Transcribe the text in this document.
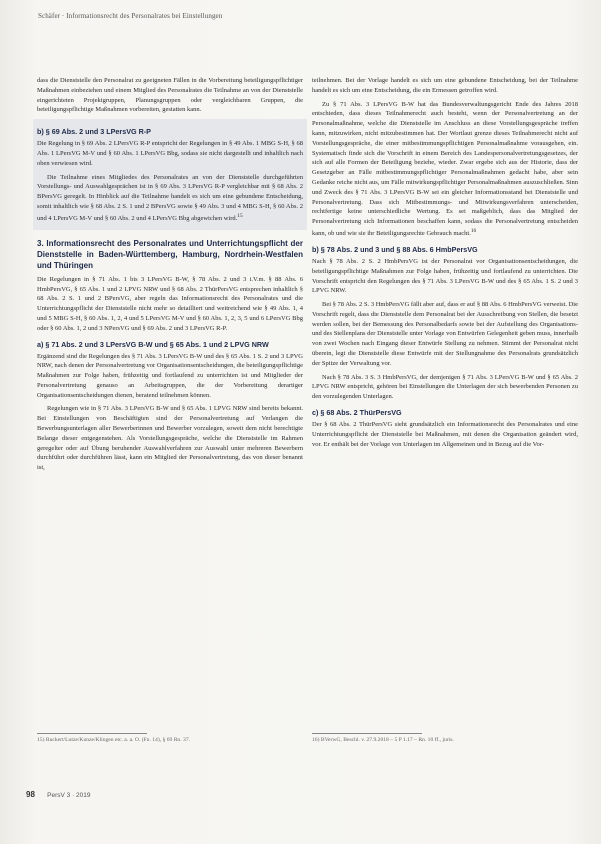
Schäfer · Informationsrecht des Personalrates bei Einstellungen

dass die Dienststelle den Personalrat zu geeigneten Fällen in die Vorbereitung beteiligungspflichtiger Maßnahmen einbeziehen und einem Mitglied des Personalrates die Teilnahme an von der Dienststelle eingerichteten Projektgruppen, Planungsgruppen oder vergleichbaren Gruppen, die beteiligungspflichtige Maßnahmen vorbereiten, gestatten kann.

b) § 69 Abs. 2 und 3 LPersVG R-P

Die Regelung in § 69 Abs. 2 LPersVG R-P entspricht der Regelungen in § 49 Abs. 1 MBG S-H, § 68 Abs. 1 LPersVG M-V und § 60 Abs. 1 LPersVG Bbg, sodass sie nicht dargestellt und inhaltlich nach oben verwiesen wird.

Die Teilnahme eines Mitgliedes des Personalrates an von der Dienststelle durchgeführten Vorstellungs- und Auswahlgesprächen ist in § 69 Abs. 3 LPersVG R-P vergleichbar mit § 68 Abs. 2 BPersVG geregelt. In Hinblick auf die Teilnahme handelt es sich um eine gebundene Entscheidung, somit inhaltlich wie § 68 Abs. 2 S. 1 und 2 BPersVG sowie § 49 Abs. 3 und 4 MBG S-H, § 60 Abs. 2 und 4 LPersVG M-V und § 60 Abs. 2 und 4 LPersVG Bbg abgewichen wird.$^{15}$

3. Informationsrecht des Personalrates und Unterrichtungspflicht der Dienststelle in Baden-Württemberg, Hamburg, Nordrhein-Westfalen und Thüringen

Die Regelungen in § 71 Abs. 1 bis 3 LPersVG B-W, § 78 Abs. 2 und 3 i.V.m. § 88 Abs. 6 HmbPersVG, § 65 Abs. 1 und 2 LPVG NRW und § 68 Abs. 2 ThürPersVG entsprechen inhaltlich § 68 Abs. 2 S. 1 und 2 BPersVG, aber regeln das Informationsrecht des Personalrates und die Unterrichtungspflicht der Dienststelle nicht mehr so detailliert und weitreichend wie § 49 Abs. 1, 4 und 5 MBG S-H, § 60 Abs. 1, 2, 4 und 5 LPersVG M-V und § 60 Abs. 1, 2, 3, 5 und 6 LPersVG Bbg oder § 60 Abs. 1, 2 und 3 NPersVG und § 69 Abs. 2 und 3 LPersVG R-P.

a) § 71 Abs. 2 und 3 LPersVG B-W und § 65 Abs. 1 und 2 LPVG NRW

Ergänzend sind die Regelungen des § 71 Abs. 3 LPersVG B-W und des § 65 Abs. 1 S. 2 und 3 LPVG NRW, nach denen der Personalvertretung vor Organisationsentscheidungen, die beteiligungspflichtige Maßnahmen zur Folge haben, frühzeitig und fortlaufend zu unterrichten ist und Mitglieder der Personalvertretung genauso an Arbeitsgruppen, die der Vorbereitung derartiger Organisationsentscheidungen dienen, beratend teilnehmen können.

Regelungen wie in § 71 Abs. 3 LPersVG B-W und § 65 Abs. 1 LPVG NRW sind bereits bekannt. Bei Einstellungen von Beschäftigten sind der Personalvertretung auf Verlangen die Bewerbungsunterlagen aller Bewerberinnen und Bewerber vorzulegen, soweit dem nicht berechtigte Belange dieser entgegenstehen. Als Vorstellungsgespräche, welche die Dienststelle im Rahmen geregelter oder auf Übung beruhender Auswahlverfahren zur Auswahl unter mehreren Bewerbern durchführt oder durchführen lässt, kann ein Mitglied der Personalvertretung, das von dieser benannt ist,

teilnehmen. Bei der Vorlage handelt es sich um eine gebundene Entscheidung, bei der Teilnahme handelt es sich um eine Entscheidung, die ein Ermessen getroffen wird.

Zu § 71 Abs. 3 LPersVG B-W hat das Bundesverwaltungsgericht Ende des Jahres 2018 entschieden, dass dieses Teilnahmerecht auch besteht, wenn der Personalvertretung an der Personalmaßnahme, welche die Dienststelle im Anschluss an diese Vorstellungsgespräche treffen kann, mitzuwirken, nicht mitzubestimmen hat. Der Wortlaut grenze dieses Teilnahmerecht nicht auf Vorstellungsgespräche, die einer mitbestimmungspflichtigen Personalmaßnahme vorausgehen, ein. Systematisch finde sich die Vorschrift in einem Bereich des Landespersonalvertretungsgesetzes, der sich auf alle Formen der Beteiligung beziehe, wieder. Zwar ergebe sich aus der Historie, dass der Gesetzgeber an Fälle mitbestimmungspflichtiger Personalmaßnahmen gedacht habe, aber sein Gedanke reiche nicht aus, um Fälle mitwirkungspflichtiger Personalmaßnahmen auszuschließen. Sinn und Zweck des § 71 Abs. 3 LPersVG B-W sei ein gleicher Informationsstand bei Dienststelle und Personalvertretung. Dass sich Mitbestimmungs- und Mitwirkungsverfahren unterscheiden, rechtfertige keine unterschiedliche Wertung. Es sei maßgeblich, dass das Mitglied der Personalvertretung sich Informationen beschaffen kann, sodass die Personalvertretung entscheiden kann, ob und wie sie ihr Beteiligungsrechte Gebrauch macht.$^{16}$

b) § 78 Abs. 2 und 3 und § 88 Abs. 6 HmbPersVG

Nach § 78 Abs. 2 S. 2 HmbPersVG ist der Personalrat vor Organisationsentscheidungen, die beteiligungspflichtige Maßnahmen zur Folge haben, frühzeitig und fortlaufend zu unterrichten. Die Vorschrift entspricht den Regelungen des § 71 Abs. 3 LPersVG B-W und des § 65 Abs. 1 S. 2 und 3 LPVG NRW.

Bei § 78 Abs. 2 S. 3 HmbPersVG fällt aber auf, dass er auf § 88 Abs. 6 HmbPersVG verweist. Die Vorschrift regelt, dass die Dienststelle dem Personalrat bei der Ausschreibung von Stellen, die besetzt werden sollen, bei der Bemessung des Personalbedarfs sowie bei der Aufstellung des Organisations- und des Stellenplans der Dienststelle unter Vorlage von Entwürfen Gelegenheit geben muss, innerhalb von zwei Wochen nach Eingang dieser Entwürfe Stellung zu nehmen. Stimmt der Personalrat nicht überein, legt die Dienststelle diese Entwürfe mit der Stellungnahme des Personalrats grundsätzlich der Spitze der Verwaltung vor.

Nach § 78 Abs. 3 S. 3 HmbPersVG, der demjenigen § 71 Abs. 3 LPersVG B-W und § 65 Abs. 2 LPVG NRW entspricht, gehören bei Einstellungen die Unterlagen der sich bewerbenden Personen zu den vorzulegenden Unterlagen.

c) § 68 Abs. 2 ThürPersVG

Der § 68 Abs. 2 ThürPersVG sieht grundsätzlich ein Informationsrecht des Personalrates und eine Unterrichtungspflicht der Dienststelle bei Maßnahmen, mit denen die Organisation geändert wird, vor. Er enthält bei der Vorlage von Unterlagen im Allgemeinen und in Bezug auf die Vor-

15) Ruckert/Lutze/Kunze/Klingen etc. a. a. O. (Fn. 14), § 69 Rn. 37.	16) BVerwG, Beschl. v. 27.9.2018 – 5 P 1.17 – Rn. 10 ff., juris.
98 PersV 3 · 2019
